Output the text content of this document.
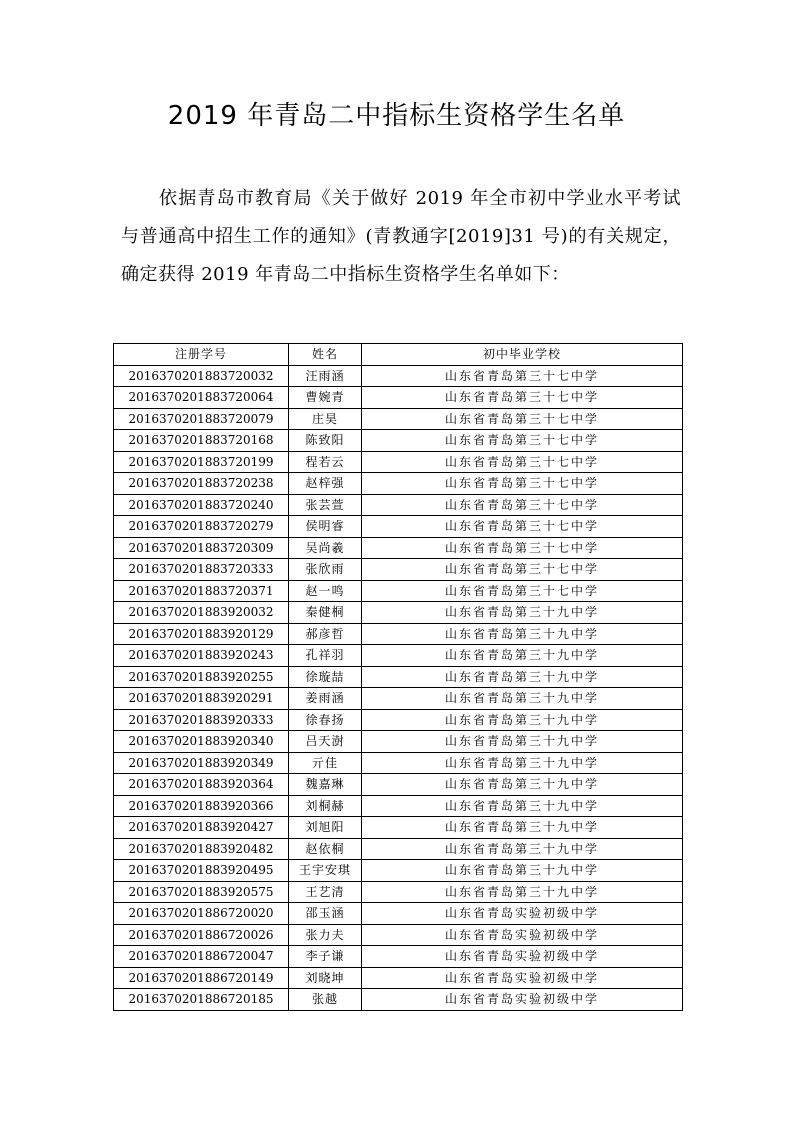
2019 年青岛二中指标生资格学生名单
依据青岛市教育局《关于做好 2019 年全市初中学业水平考试与普通高中招生工作的通知》(青教通字[2019]31 号)的有关规定，确定获得 2019 年青岛二中指标生资格学生名单如下：
注册学号	姓名	初中毕业学校
2016370201883720032	汪雨涵	山东省青岛第三十七中学
2016370201883720064	曹婉青	山东省青岛第三十七中学
2016370201883720079	庄昊	山东省青岛第三十七中学
2016370201883720168	陈致阳	山东省青岛第三十七中学
2016370201883720199	程若云	山东省青岛第三十七中学
2016370201883720238	赵梓强	山东省青岛第三十七中学
2016370201883720240	张芸萱	山东省青岛第三十七中学
2016370201883720279	侯明睿	山东省青岛第三十七中学
2016370201883720309	吴尚羲	山东省青岛第三十七中学
2016370201883720333	张欣雨	山东省青岛第三十七中学
2016370201883720371	赵一鸣	山东省青岛第三十七中学
2016370201883920032	秦健桐	山东省青岛第三十九中学
2016370201883920129	郝彦哲	山东省青岛第三十九中学
2016370201883920243	孔祥羽	山东省青岛第三十九中学
2016370201883920255	徐璇喆	山东省青岛第三十九中学
2016370201883920291	姜雨涵	山东省青岛第三十九中学
2016370201883920333	徐春扬	山东省青岛第三十九中学
2016370201883920340	吕天澍	山东省青岛第三十九中学
2016370201883920349	亓佳	山东省青岛第三十九中学
2016370201883920364	魏嘉琳	山东省青岛第三十九中学
2016370201883920366	刘桐赫	山东省青岛第三十九中学
2016370201883920427	刘旭阳	山东省青岛第三十九中学
2016370201883920482	赵依桐	山东省青岛第三十九中学
2016370201883920495	王宇安琪	山东省青岛第三十九中学
2016370201883920575	王艺清	山东省青岛第三十九中学
2016370201886720020	邵玉涵	山东省青岛实验初级中学
2016370201886720026	张力夫	山东省青岛实验初级中学
2016370201886720047	李子谦	山东省青岛实验初级中学
2016370201886720149	刘晓坤	山东省青岛实验初级中学
2016370201886720185	张越	山东省青岛实验初级中学
